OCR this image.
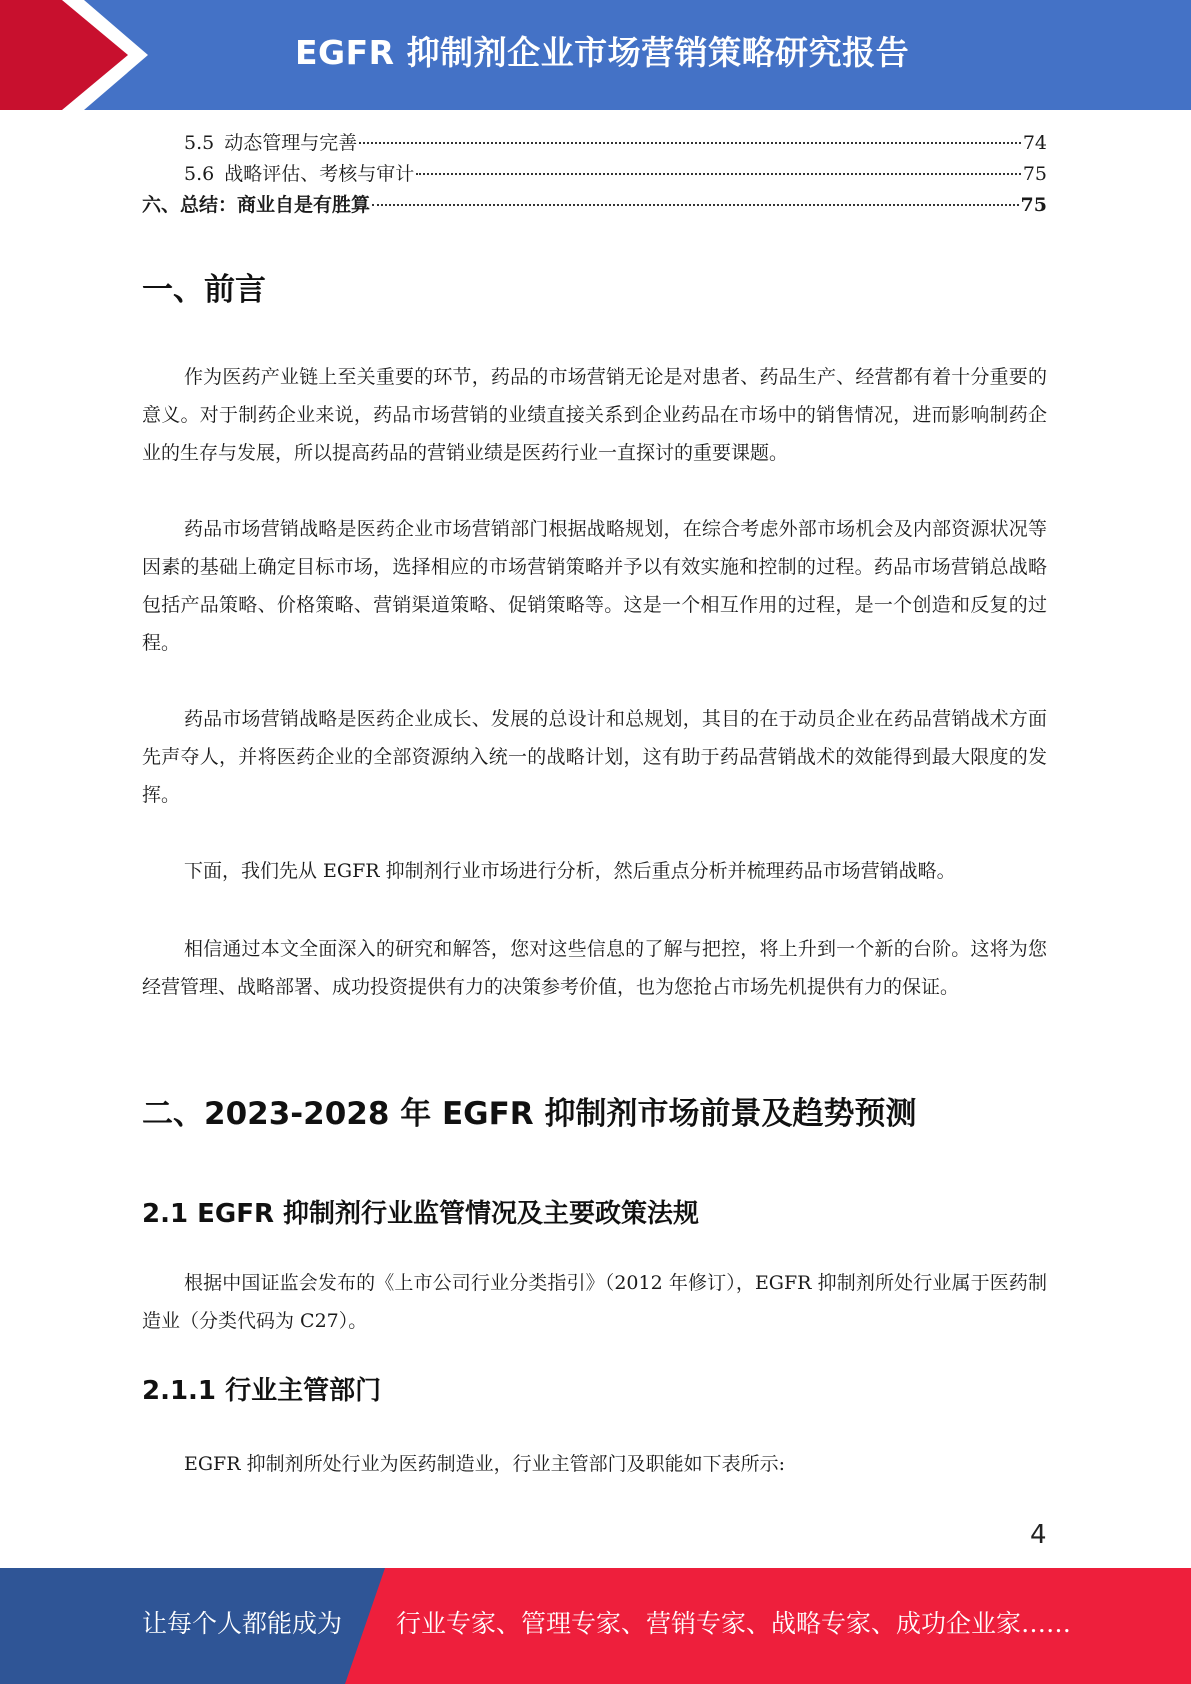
EGFR 抑制剂企业市场营销策略研究报告
5.5 动态管理与完善	74
5.6 战略评估、考核与审计	75
六、总结：商业自是有胜算	75
一、前言

作为医药产业链上至关重要的环节，药品的市场营销无论是对患者、药品生产、经营都有着十分重要的意义。对于制药企业来说，药品市场营销的业绩直接关系到企业药品在市场中的销售情况，进而影响制药企业的生存与发展，所以提高药品的营销业绩是医药行业一直探讨的重要课题。

药品市场营销战略是医药企业市场营销部门根据战略规划，在综合考虑外部市场机会及内部资源状况等因素的基础上确定目标市场，选择相应的市场营销策略并予以有效实施和控制的过程。药品市场营销总战略包括产品策略、价格策略、营销渠道策略、促销策略等。这是一个相互作用的过程，是一个创造和反复的过程。

药品市场营销战略是医药企业成长、发展的总设计和总规划，其目的在于动员企业在药品营销战术方面先声夺人，并将医药企业的全部资源纳入统一的战略计划，这有助于药品营销战术的效能得到最大限度的发挥。

下面，我们先从 EGFR 抑制剂行业市场进行分析，然后重点分析并梳理药品市场营销战略。

相信通过本文全面深入的研究和解答，您对这些信息的了解与把控，将上升到一个新的台阶。这将为您经营管理、战略部署、成功投资提供有力的决策参考价值，也为您抢占市场先机提供有力的保证。

二、2023-2028 年 EGFR 抑制剂市场前景及趋势预测
2.1 EGFR 抑制剂行业监管情况及主要政策法规

根据中国证监会发布的《上市公司行业分类指引》（2012 年修订），EGFR 抑制剂所处行业属于医药制造业（分类代码为 C27）。

2.1.1 行业主管部门

EGFR 抑制剂所处行业为医药制造业，行业主管部门及职能如下表所示:

4
让每个人都能成为 行业专家、管理专家、营销专家、战略专家、成功企业家……
